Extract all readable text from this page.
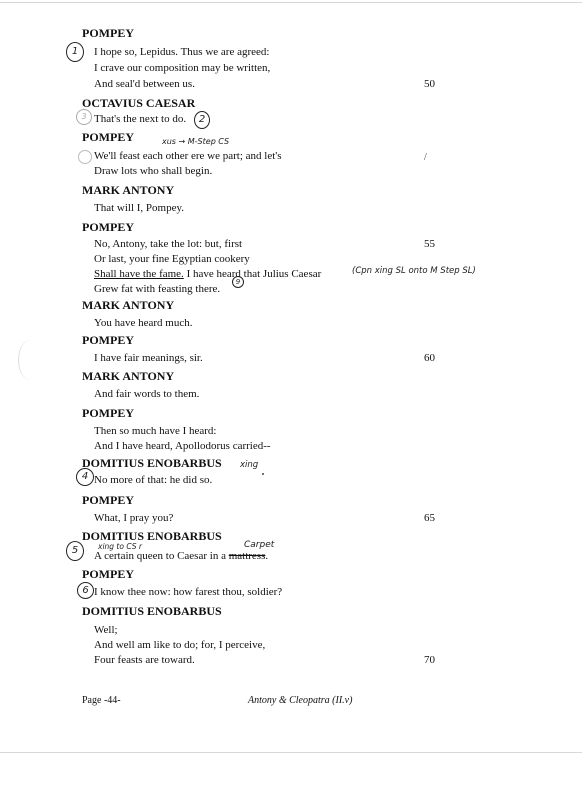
POMPEY
1	I hope so, Lepidus. Thus we are agreed:
I crave our composition may be written,
And seal'd between us.	50
OCTAVIUS CAESAR
3 That's the next to do.	2
POMPEY	xus → M-Step CS
We'll feast each other ere we part; and let's
Draw lots who shall begin.
/
MARK ANTONY
That will I, Pompey.
POMPEY
No, Antony, take the lot: but, first	55
Or last, your fine Egyptian cookery
Shall have the fame. I have heard that Julius Caesar	(Cpn xing SL onto M Step SL)
Grew fat with feasting there.
9
MARK ANTONY
You have heard much.
POMPEY
I have fair meanings, sir.	60
MARK ANTONY
And fair words to them.
POMPEY
Then so much have I heard:
And I have heard, Apollodorus carried--
DOMITIUS ENOBARBUS xing
4 No more of that: he did so.
POMPEY
What, I pray you?	65
DOMITIUS ENOBARBUS
xing to CS r	Carpet
5	A certain queen to Caesar in a mattress.
POMPEY
6 I know thee now: how farest thou, soldier?
DOMITIUS ENOBARBUS
Well;
And well am like to do; for, I perceive,
Four feasts are toward.	70
Page -44-	Antony & Cleopatra (II.v)
